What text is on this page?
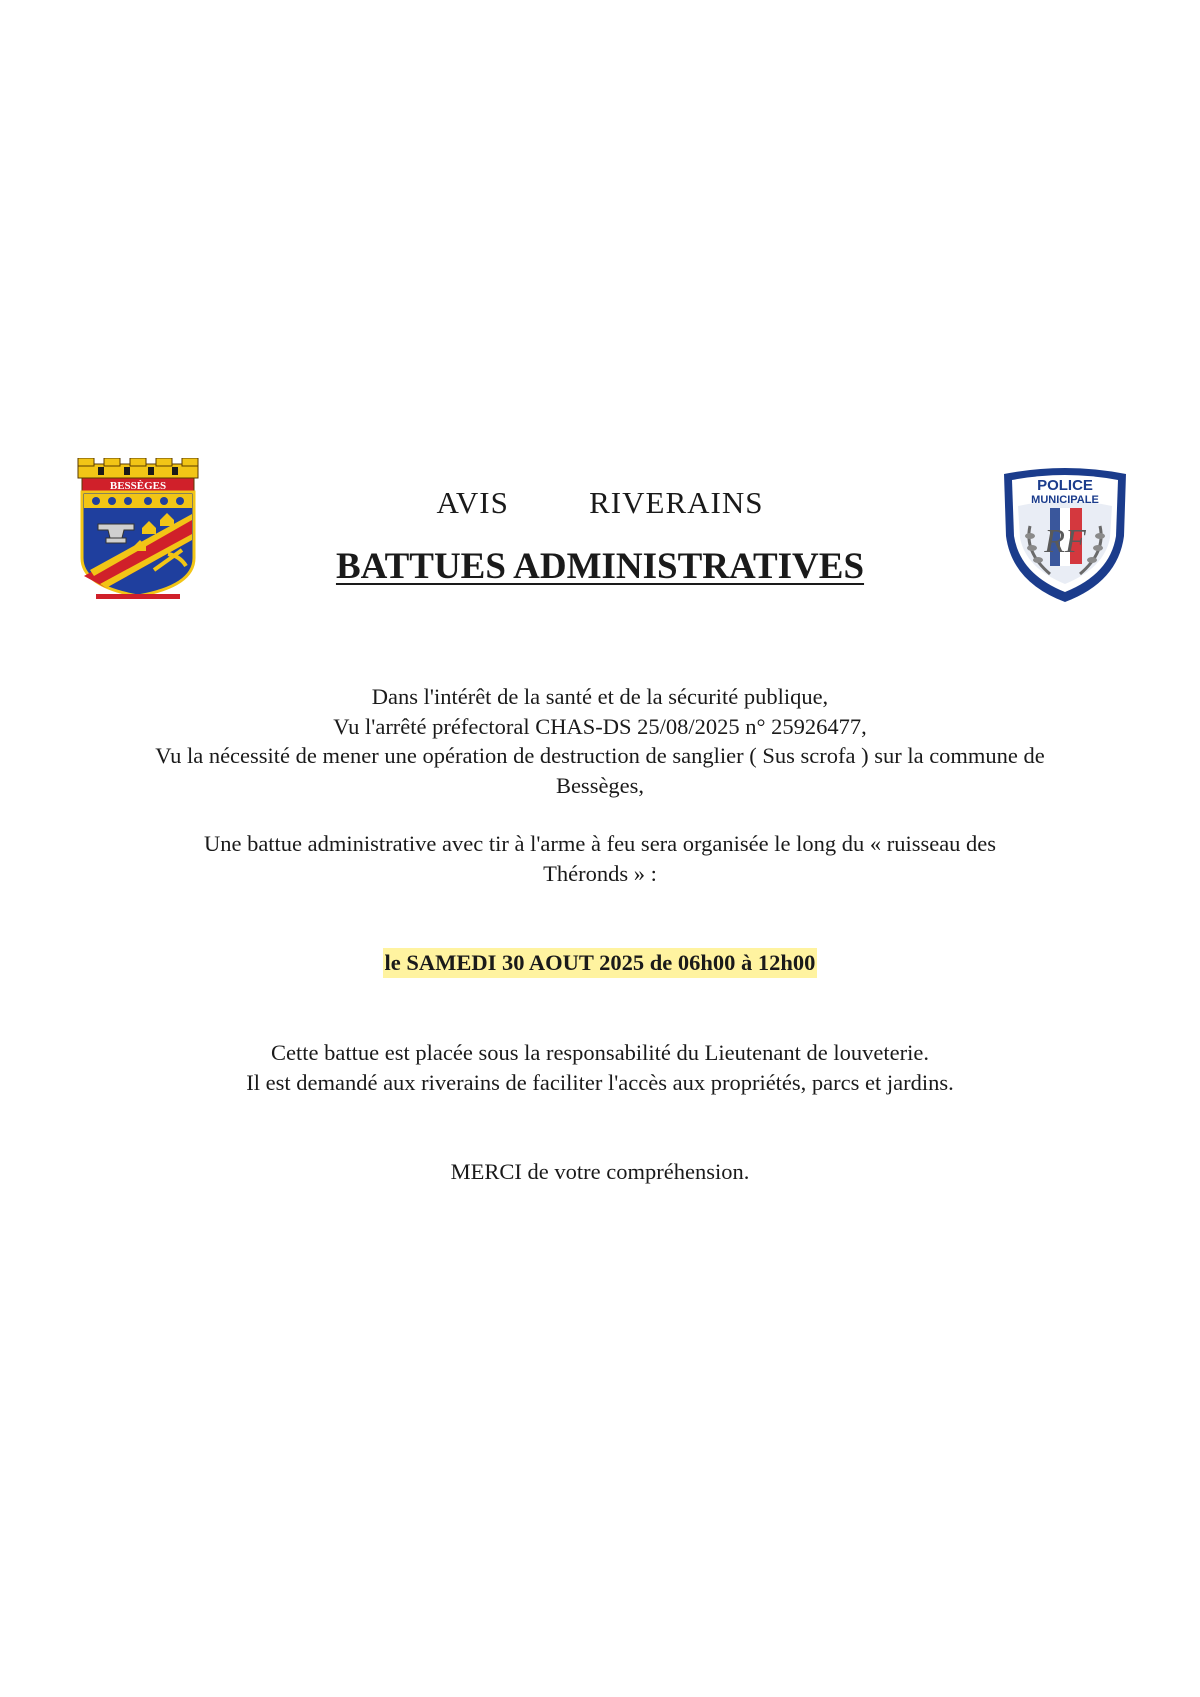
BESSÈGES
RF
POLICE
MUNICIPALE
AVIS   RIVERAINS
BATTUES ADMINISTRATIVES
Dans l'intérêt de la santé et de la sécurité publique,
Vu l'arrêté préfectoral CHAS-DS 25/08/2025 n° 25926477,
Vu la nécessité de mener une opération de destruction de sanglier ( Sus scrofa ) sur la commune de
Bessèges,
Une battue administrative avec tir à l'arme à feu sera organisée le long du « ruisseau des
Théronds » :
le SAMEDI 30 AOUT 2025 de 06h00 à 12h00
Cette battue est placée sous la responsabilité du Lieutenant de louveterie.
Il est demandé aux riverains de faciliter l'accès aux propriétés, parcs et jardins.
MERCI de votre compréhension.
